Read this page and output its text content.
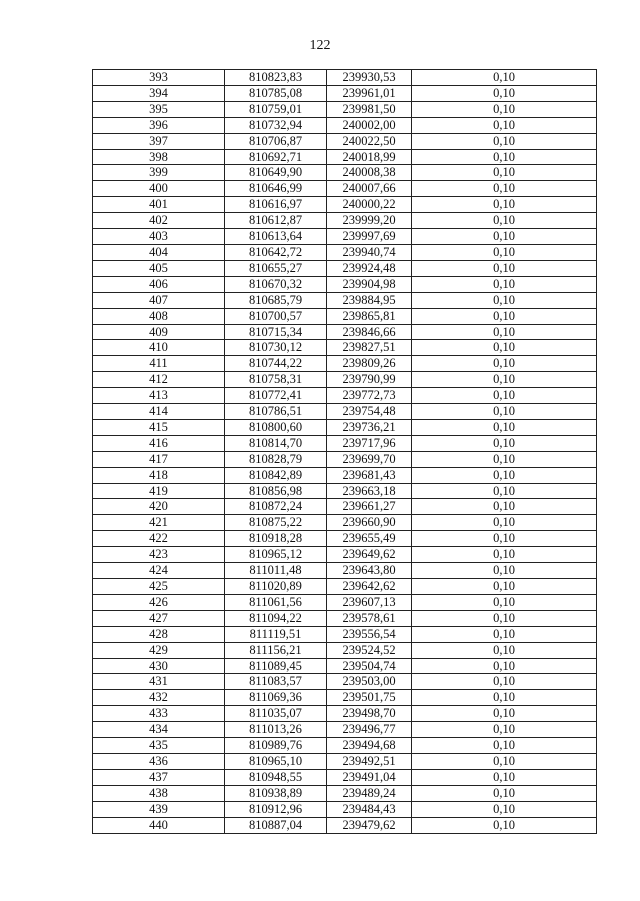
122
393	810823,83	239930,53	0,10
394	810785,08	239961,01	0,10
395	810759,01	239981,50	0,10
396	810732,94	240002,00	0,10
397	810706,87	240022,50	0,10
398	810692,71	240018,99	0,10
399	810649,90	240008,38	0,10
400	810646,99	240007,66	0,10
401	810616,97	240000,22	0,10
402	810612,87	239999,20	0,10
403	810613,64	239997,69	0,10
404	810642,72	239940,74	0,10
405	810655,27	239924,48	0,10
406	810670,32	239904,98	0,10
407	810685,79	239884,95	0,10
408	810700,57	239865,81	0,10
409	810715,34	239846,66	0,10
410	810730,12	239827,51	0,10
411	810744,22	239809,26	0,10
412	810758,31	239790,99	0,10
413	810772,41	239772,73	0,10
414	810786,51	239754,48	0,10
415	810800,60	239736,21	0,10
416	810814,70	239717,96	0,10
417	810828,79	239699,70	0,10
418	810842,89	239681,43	0,10
419	810856,98	239663,18	0,10
420	810872,24	239661,27	0,10
421	810875,22	239660,90	0,10
422	810918,28	239655,49	0,10
423	810965,12	239649,62	0,10
424	811011,48	239643,80	0,10
425	811020,89	239642,62	0,10
426	811061,56	239607,13	0,10
427	811094,22	239578,61	0,10
428	811119,51	239556,54	0,10
429	811156,21	239524,52	0,10
430	811089,45	239504,74	0,10
431	811083,57	239503,00	0,10
432	811069,36	239501,75	0,10
433	811035,07	239498,70	0,10
434	811013,26	239496,77	0,10
435	810989,76	239494,68	0,10
436	810965,10	239492,51	0,10
437	810948,55	239491,04	0,10
438	810938,89	239489,24	0,10
439	810912,96	239484,43	0,10
440	810887,04	239479,62	0,10
